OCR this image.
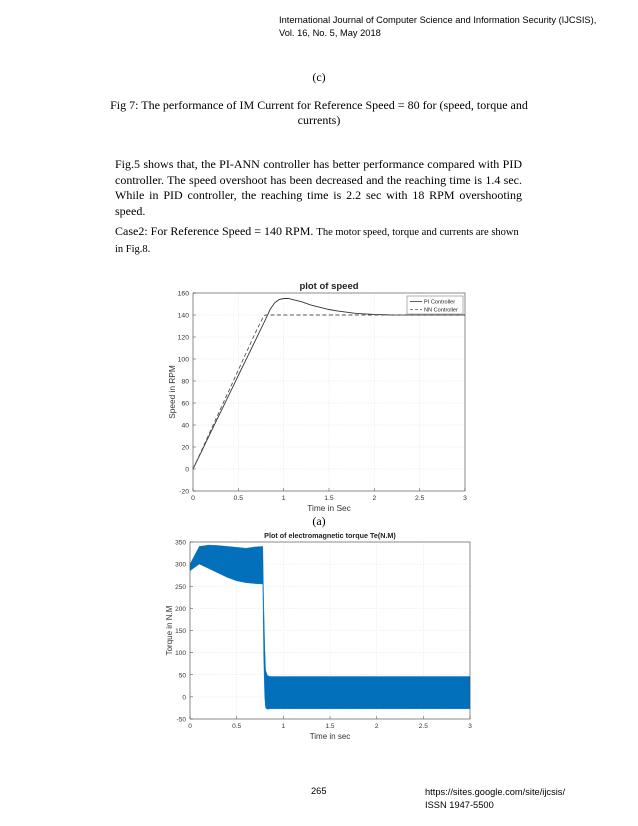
International Journal of Computer Science and Information Security (IJCSIS),
Vol. 16, No. 5, May 2018
(c)
Fig 7: The performance of IM Current for Reference Speed = 80 for (speed, torque and currents)
Fig.5 shows that, the PI-ANN controller has better performance compared with PID controller. The speed overshoot has been decreased and the reaching time is 1.4 sec. While in PID controller, the reaching time is 2.2 sec with 18 RPM overshooting speed.
Case2: For Reference Speed = 140 RPM. The motor speed, torque and currents are shown in Fig.8.
plot of speed
0	0.5	1	1.5	2	2.5	3
-20
0
20
40
60
80
100
120
140
160
Time in Sec
Speed in RPM
PI Controller
NN Controller
(a)
Plot of electromagnetic torque Te(N.M)
0	0.5	1	1.5	2	2.5	3
-50
0
50
100
150
200
250
300
350
Time in sec
Torque in N.M
265	https://sites.google.com/site/ijcsis/
ISSN 1947-5500
